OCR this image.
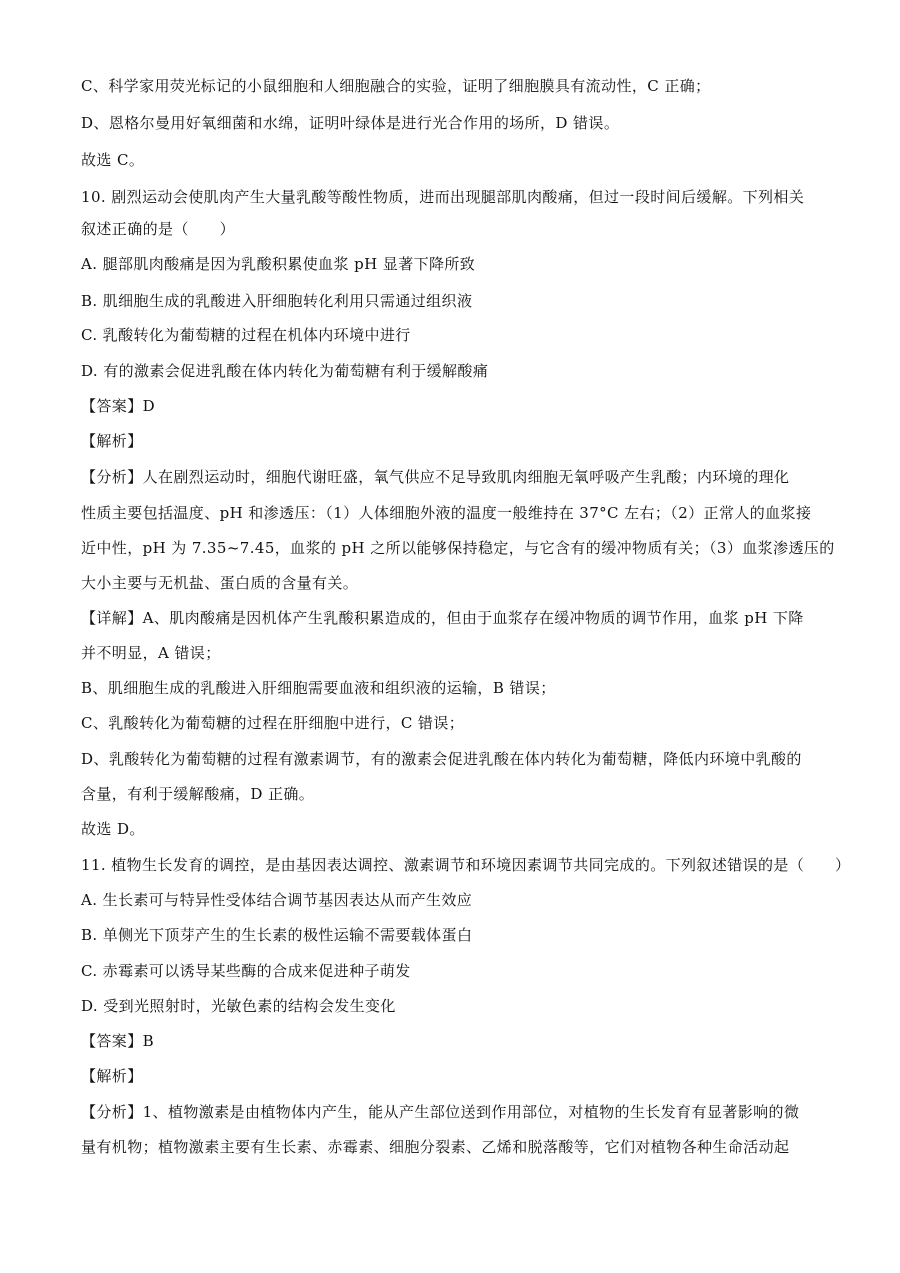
C、科学家用荧光标记的小鼠细胞和人细胞融合的实验，证明了细胞膜具有流动性，C 正确；
D、恩格尔曼用好氧细菌和水绵，证明叶绿体是进行光合作用的场所，D 错误。
故选 C。
10. 剧烈运动会使肌肉产生大量乳酸等酸性物质，进而出现腿部肌肉酸痛，但过一段时间后缓解。下列相关
叙述正确的是（　　）
A. 腿部肌肉酸痛是因为乳酸积累使血浆 pH 显著下降所致
B. 肌细胞生成的乳酸进入肝细胞转化利用只需通过组织液
C. 乳酸转化为葡萄糖的过程在机体内环境中进行
D. 有的激素会促进乳酸在体内转化为葡萄糖有利于缓解酸痛
【答案】D
【解析】
【分析】人在剧烈运动时，细胞代谢旺盛，氧气供应不足导致肌肉细胞无氧呼吸产生乳酸；内环境的理化
性质主要包括温度、pH 和渗透压：（1）人体细胞外液的温度一般维持在 37°C 左右；（2）正常人的血浆接
近中性，pH 为 7.35~7.45，血浆的 pH 之所以能够保持稳定，与它含有的缓冲物质有关；（3）血浆渗透压的
大小主要与无机盐、蛋白质的含量有关。
【详解】A、肌肉酸痛是因机体产生乳酸积累造成的，但由于血浆存在缓冲物质的调节作用，血浆 pH 下降
并不明显，A 错误；
B、肌细胞生成的乳酸进入肝细胞需要血液和组织液的运输，B 错误；
C、乳酸转化为葡萄糖的过程在肝细胞中进行，C 错误；
D、乳酸转化为葡萄糖的过程有激素调节，有的激素会促进乳酸在体内转化为葡萄糖，降低内环境中乳酸的
含量，有利于缓解酸痛，D 正确。
故选 D。
11. 植物生长发育的调控，是由基因表达调控、激素调节和环境因素调节共同完成的。下列叙述错误的是（　　）
A. 生长素可与特异性受体结合调节基因表达从而产生效应
B. 单侧光下顶芽产生的生长素的极性运输不需要载体蛋白
C. 赤霉素可以诱导某些酶的合成来促进种子萌发
D. 受到光照射时，光敏色素的结构会发生变化
【答案】B
【解析】
【分析】1、植物激素是由植物体内产生，能从产生部位送到作用部位，对植物的生长发育有显著影响的微
量有机物；植物激素主要有生长素、赤霉素、细胞分裂素、乙烯和脱落酸等，它们对植物各种生命活动起
